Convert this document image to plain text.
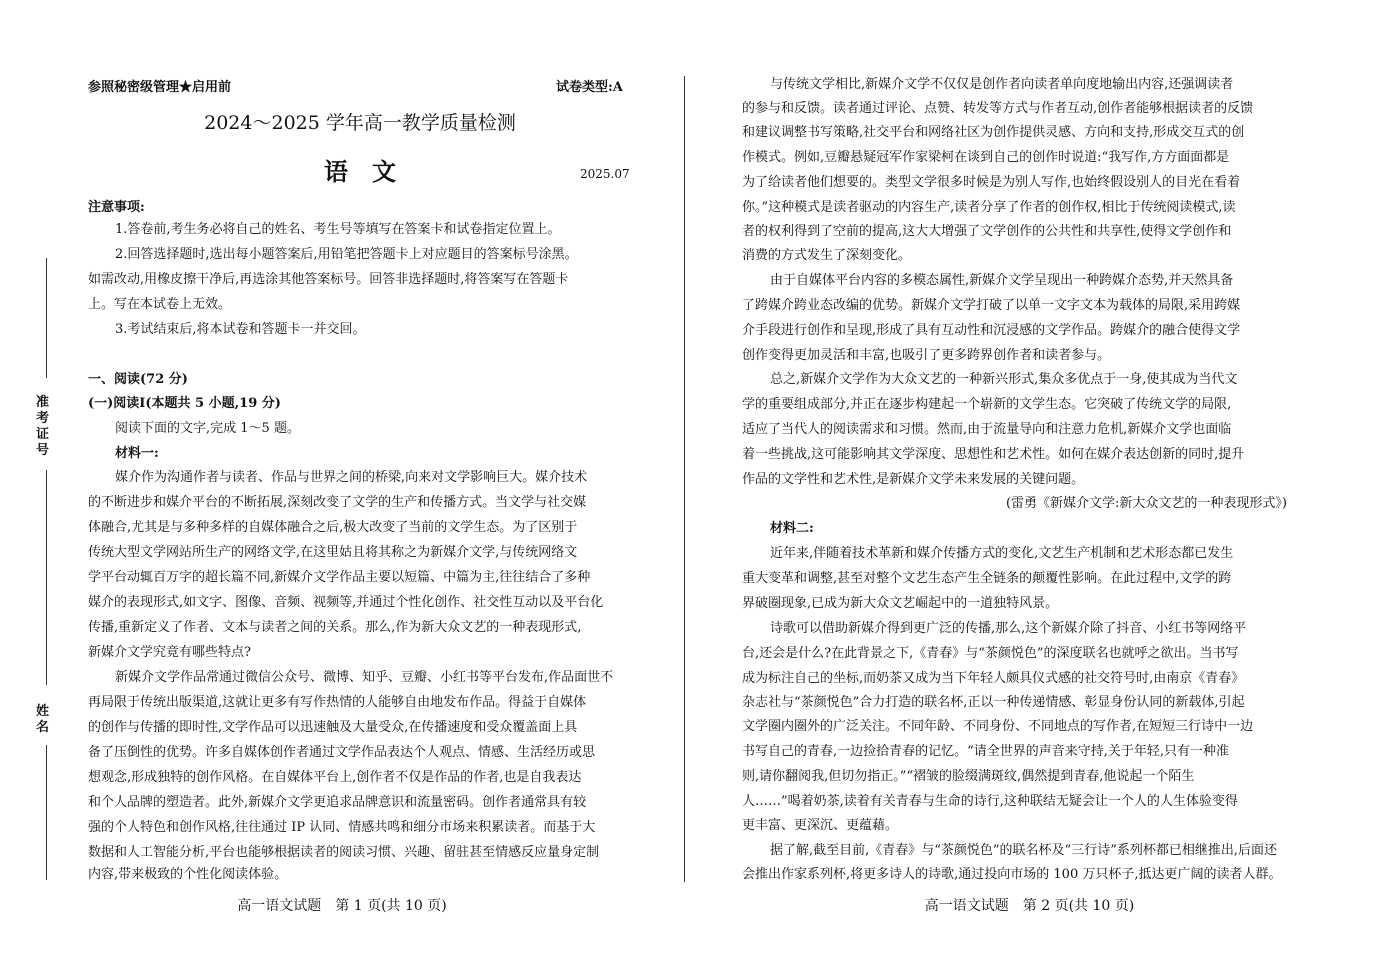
准考证号
姓名
参照秘密级管理★启用前	试卷类型:A
2024～2025 学年高一教学质量检测
语　文	2025.07
注意事项:
1.答卷前,考生务必将自己的姓名、考生号等填写在答案卡和试卷指定位置上。
2.回答选择题时,选出每小题答案后,用铅笔把答题卡上对应题目的答案标号涂黑。
如需改动,用橡皮擦干净后,再选涂其他答案标号。回答非选择题时,将答案写在答题卡
上。写在本试卷上无效。
3.考试结束后,将本试卷和答题卡一并交回。
一、阅读(72 分)
(一)阅读Ⅰ(本题共 5 小题,19 分)
阅读下面的文字,完成 1～5 题。
材料一:
媒介作为沟通作者与读者、作品与世界之间的桥梁,向来对文学影响巨大。媒介技术
的不断进步和媒介平台的不断拓展,深刻改变了文学的生产和传播方式。当文学与社交媒
体融合,尤其是与多种多样的自媒体融合之后,极大改变了当前的文学生态。为了区别于
传统大型文学网站所生产的网络文学,在这里姑且将其称之为新媒介文学,与传统网络文
学平台动辄百万字的超长篇不同,新媒介文学作品主要以短篇、中篇为主,往往结合了多种
媒介的表现形式,如文字、图像、音频、视频等,并通过个性化创作、社交性互动以及平台化
传播,重新定义了作者、文本与读者之间的关系。那么,作为新大众文艺的一种表现形式,
新媒介文学究竟有哪些特点?
新媒介文学作品常通过微信公众号、微博、知乎、豆瓣、小红书等平台发布,作品面世不
再局限于传统出版渠道,这就让更多有写作热情的人能够自由地发布作品。得益于自媒体
的创作与传播的即时性,文学作品可以迅速触及大量受众,在传播速度和受众覆盖面上具
备了压倒性的优势。许多自媒体创作者通过文学作品表达个人观点、情感、生活经历或思
想观念,形成独特的创作风格。在自媒体平台上,创作者不仅是作品的作者,也是自我表达
和个人品牌的塑造者。此外,新媒介文学更追求品牌意识和流量密码。创作者通常具有较
强的个人特色和创作风格,往往通过 IP 认同、情感共鸣和细分市场来积累读者。而基于大
数据和人工智能分析,平台也能够根据读者的阅读习惯、兴趣、留驻甚至情感反应量身定制
内容,带来极致的个性化阅读体验。
高一语文试题　第 1 页(共 10 页)
与传统文学相比,新媒介文学不仅仅是创作者向读者单向度地输出内容,还强调读者
的参与和反馈。读者通过评论、点赞、转发等方式与作者互动,创作者能够根据读者的反馈
和建议调整书写策略,社交平台和网络社区为创作提供灵感、方向和支持,形成交互式的创
作模式。例如,豆瓣悬疑冠军作家梁柯在谈到自己的创作时说道:“我写作,方方面面都是
为了给读者他们想要的。类型文学很多时候是为别人写作,也始终假设别人的目光在看着
你。”这种模式是读者驱动的内容生产,读者分享了作者的创作权,相比于传统阅读模式,读
者的权利得到了空前的提高,这大大增强了文学创作的公共性和共享性,使得文学创作和
消费的方式发生了深刻变化。
由于自媒体平台内容的多模态属性,新媒介文学呈现出一种跨媒介态势,并天然具备
了跨媒介跨业态改编的优势。新媒介文学打破了以单一文字文本为载体的局限,采用跨媒
介手段进行创作和呈现,形成了具有互动性和沉浸感的文学作品。跨媒介的融合使得文学
创作变得更加灵活和丰富,也吸引了更多跨界创作者和读者参与。
总之,新媒介文学作为大众文艺的一种新兴形式,集众多优点于一身,使其成为当代文
学的重要组成部分,并正在逐步构建起一个崭新的文学生态。它突破了传统文学的局限,
适应了当代人的阅读需求和习惯。然而,由于流量导向和注意力危机,新媒介文学也面临
着一些挑战,这可能影响其文学深度、思想性和艺术性。如何在媒介表达创新的同时,提升
作品的文学性和艺术性,是新媒介文学未来发展的关键问题。
(雷勇《新媒介文学:新大众文艺的一种表现形式》)
材料二:
近年来,伴随着技术革新和媒介传播方式的变化,文艺生产机制和艺术形态都已发生
重大变革和调整,甚至对整个文艺生态产生全链条的颠覆性影响。在此过程中,文学的跨
界破圈现象,已成为新大众文艺崛起中的一道独特风景。
诗歌可以借助新媒介得到更广泛的传播,那么,这个新媒介除了抖音、小红书等网络平
台,还会是什么?在此背景之下,《青春》与“茶颜悦色”的深度联名也就呼之欲出。当书写
成为标注自己的坐标,而奶茶又成为当下年轻人颇具仪式感的社交符号时,由南京《青春》
杂志社与“茶颜悦色”合力打造的联名杯,正以一种传递情感、彰显身份认同的新载体,引起
文学圈内圈外的广泛关注。不同年龄、不同身份、不同地点的写作者,在短短三行诗中一边
书写自己的青春,一边捡拾青春的记忆。“请全世界的声音来守持,关于年轻,只有一种准
则,请你翻阅我,但切勿指正。”“褶皱的脸缀满斑纹,偶然提到青春,他说起一个陌生
人……”喝着奶茶,读着有关青春与生命的诗行,这种联结无疑会让一个人的人生体验变得
更丰富、更深沉、更蕴藉。
据了解,截至目前,《青春》与“茶颜悦色”的联名杯及“三行诗”系列杯都已相继推出,后面还
会推出作家系列杯,将更多诗人的诗歌,通过投向市场的 100 万只杯子,抵达更广阔的读者人群。
高一语文试题　第 2 页(共 10 页)
